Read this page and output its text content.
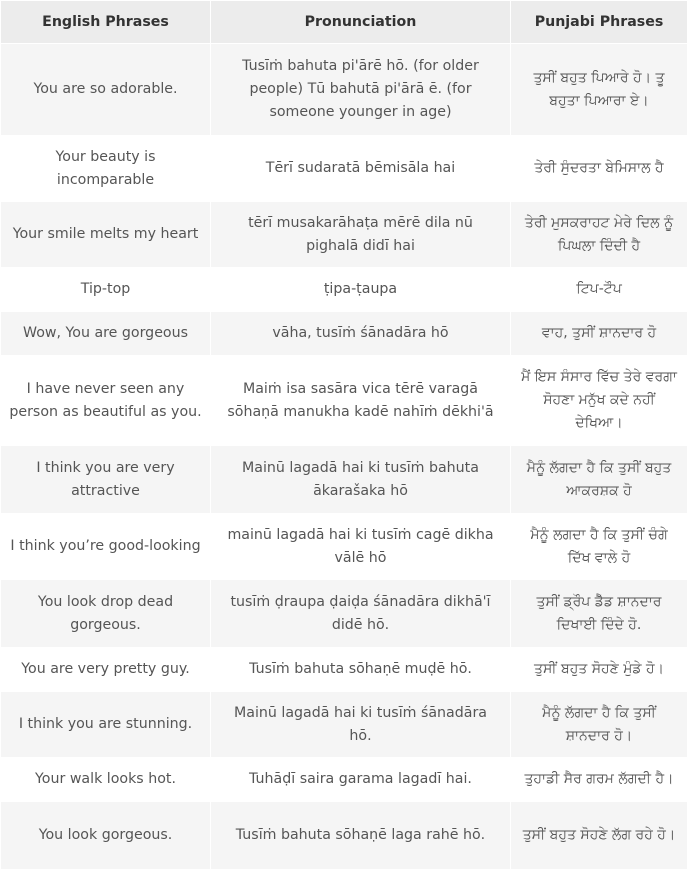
English Phrases	Pronunciation	Punjabi Phrases
You are so adorable.	Tusīṁ bahuta pi'ārē hō. (for older people) Tū bahutā pi'ārā ē. (for someone younger in age)	ਤੁਸੀਂ ਬਹੁਤ ਪਿਆਰੇ ਹੋ। ਤੂ ਬਹੁਤਾ ਪਿਆਰਾ ਏ।
Your beauty is incomparable	Tērī sudaratā bēmisāla hai	ਤੇਰੀ ਸੁੰਦਰਤਾ ਬੇਮਿਸਾਲ ਹੈ
Your smile melts my heart	tērī musakarāhaṭa mērē dila nū pighalā didī hai	ਤੇਰੀ ਮੁਸਕਰਾਹਟ ਮੇਰੇ ਦਿਲ ਨੂੰ ਪਿਘਲਾ ਦਿੰਦੀ ਹੈ
Tip-top	ṭipa-ṭaupa	ਟਿਪ-ਟੌਪ
Wow, You are gorgeous	vāha, tusīṁ śānadāra hō	ਵਾਹ, ਤੁਸੀਂ ਸ਼ਾਨਦਾਰ ਹੋ
I have never seen any person as beautiful as you.	Maiṁ isa sasāra vica tērē varagā sōhaṇā manukha kadē nahīṁ dēkhi'ā	ਮੈਂ ਇਸ ਸੰਸਾਰ ਵਿੱਚ ਤੇਰੇ ਵਰਗਾ ਸੋਹਣਾ ਮਨੁੱਖ ਕਦੇ ਨਹੀਂ ਦੇਖਿਆ।
I think you are very attractive	Mainū lagadā hai ki tusīṁ bahuta ākarašaka hō	ਮੈਨੂੰ ਲੱਗਦਾ ਹੈ ਕਿ ਤੁਸੀਂ ਬਹੁਤ ਆਕਰਸ਼ਕ ਹੋ
I think you’re good-looking	mainū lagadā hai ki tusīṁ cagē dikha vālē hō	ਮੈਨੂੰ ਲਗਦਾ ਹੈ ਕਿ ਤੁਸੀਂ ਚੰਗੇ ਦਿੱਖ ਵਾਲੇ ਹੋ
You look drop dead gorgeous.	tusīṁ ḍraupa ḍaiḍa śānadāra dikhā'ī didē hō.	ਤੁਸੀਂ ਡ੍ਰੌਪ ਡੈੱਡ ਸ਼ਾਨਦਾਰ ਦਿਖਾਈ ਦਿੰਦੇ ਹੋ.
You are very pretty guy.	Tusīṁ bahuta sōhaṇē muḍē hō.	ਤੁਸੀਂ ਬਹੁਤ ਸੋਹਣੇ ਮੁੰਡੇ ਹੋ।
I think you are stunning.	Mainū lagadā hai ki tusīṁ śānadāra hō.	ਮੈਨੂੰ ਲੱਗਦਾ ਹੈ ਕਿ ਤੁਸੀਂ ਸ਼ਾਨਦਾਰ ਹੋ।
Your walk looks hot.	Tuhāḍī saira garama lagadī hai.	ਤੁਹਾਡੀ ਸੈਰ ਗਰਮ ਲੱਗਦੀ ਹੈ।
You look gorgeous.	Tusīṁ bahuta sōhaṇē laga rahē hō.	ਤੁਸੀਂ ਬਹੁਤ ਸੋਹਣੇ ਲੱਗ ਰਹੇ ਹੋ।
